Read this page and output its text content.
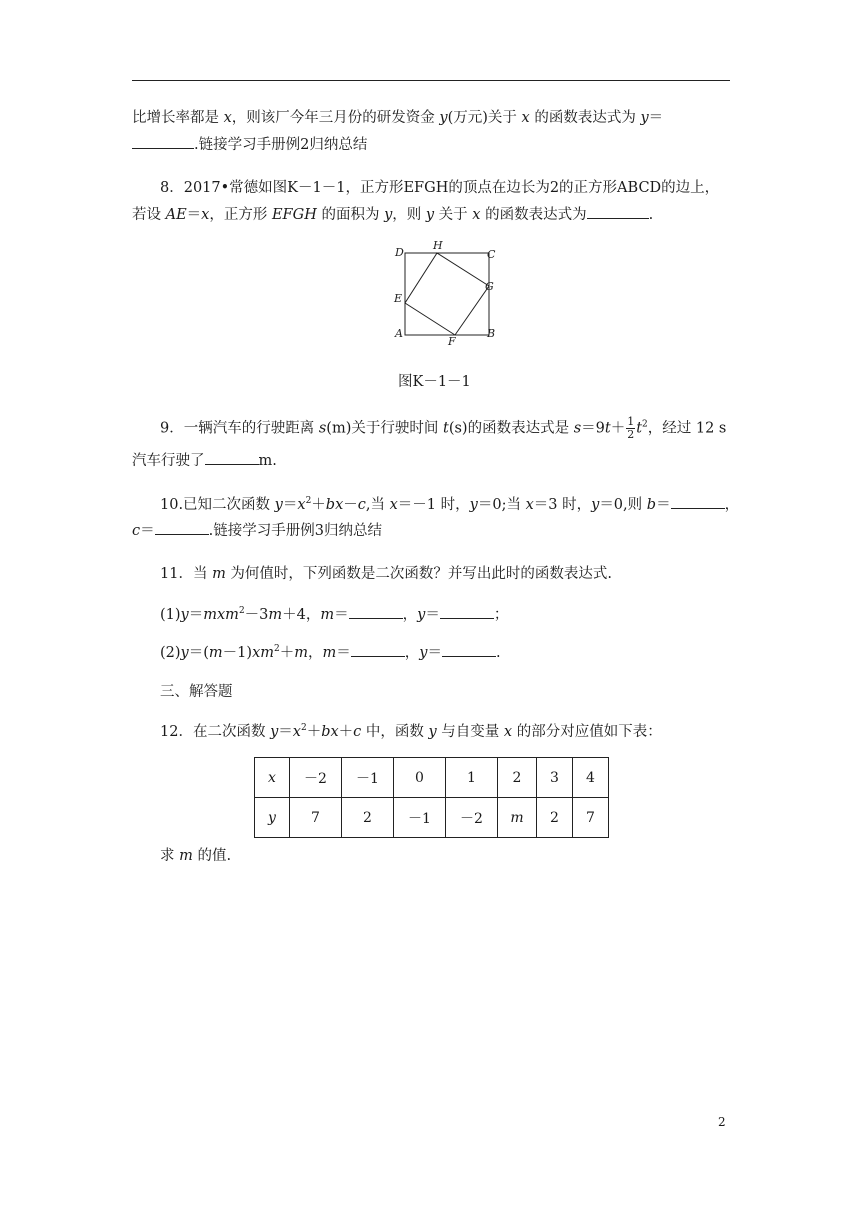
比增长率都是 x，则该厂今年三月份的研发资金 y(万元)关于 x 的函数表达式为 y＝
.链接学习手册例2归纳总结
8．2017•常德如图K－1－1，正方形EFGH的顶点在边长为2的正方形ABCD的边上，
若设 AE＝x，正方形 EFGH 的面积为 y，则 y 关于 x 的函数表达式为	.
D
H
C
E
G
A
F
B
图K－1－1
9．一辆汽车的行驶距离 s(m)关于行驶时间 t(s)的函数表达式是 $s=9t+ \frac{1}{2} t^2$，经过 12 s
汽车行驶了	m.
10.已知二次函数 $y=x^2+bx-c$,当 x＝－1 时，y＝0;当 x＝3 时，y＝0,则 b＝	，
c＝	.链接学习手册例3归纳总结
11．当 m 为何值时，下列函数是二次函数？并写出此时的函数表达式.
(1)y＝mxm$^2$－3m＋4，m＝	，y＝	；
$(2)y=(m-1)xm^2+m$，m＝	，y＝	.
三、解答题
12．在二次函数 $y=x^2+bx+c$ 中，函数 y 与自变量 x 的部分对应值如下表：
x	－2	－1	0	1	2	3	4
y	7	2	－1	－2	m	2	7
求 m 的值.
2
